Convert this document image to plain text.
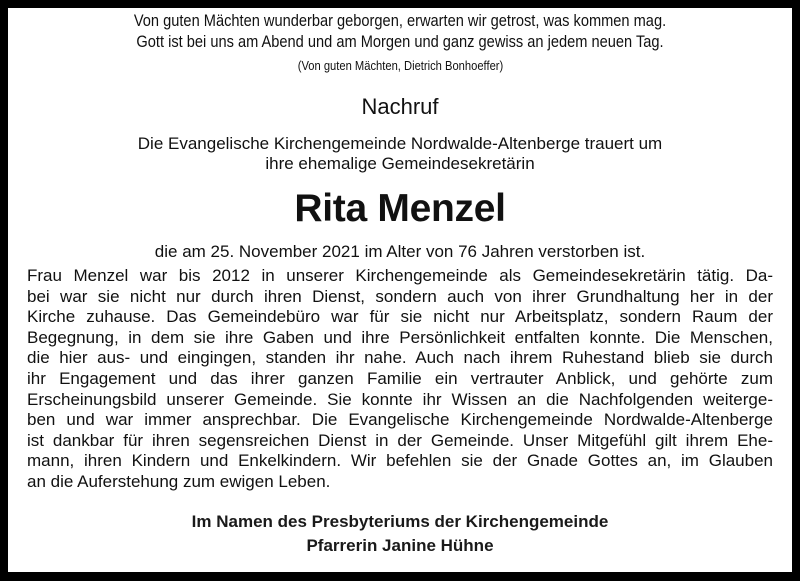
Von guten Mächten wunderbar geborgen, erwarten wir getrost, was kommen mag.
Gott ist bei uns am Abend und am Morgen und ganz gewiss an jedem neuen Tag.
(Von guten Mächten, Dietrich Bonhoeffer)
Nachruf
Die Evangelische Kirchengemeinde Nordwalde-Altenberge trauert um
ihre ehemalige Gemeindesekretärin
Rita Menzel
die am 25. November 2021 im Alter von 76 Jahren verstorben ist.
Frau Menzel war bis 2012 in unserer Kirchengemeinde als Gemeindesekretärin tätig. Da-
bei war sie nicht nur durch ihren Dienst, sondern auch von ihrer Grundhaltung her in der
Kirche zuhause. Das Gemeindebüro war für sie nicht nur Arbeitsplatz, sondern Raum der
Begegnung, in dem sie ihre Gaben und ihre Persönlichkeit entfalten konnte. Die Menschen,
die hier aus- und eingingen, standen ihr nahe. Auch nach ihrem Ruhestand blieb sie durch
ihr Engagement und das ihrer ganzen Familie ein vertrauter Anblick, und gehörte zum
Erscheinungsbild unserer Gemeinde. Sie konnte ihr Wissen an die Nachfolgenden weiterge-
ben und war immer ansprechbar. Die Evangelische Kirchengemeinde Nordwalde-Altenberge
ist dankbar für ihren segensreichen Dienst in der Gemeinde. Unser Mitgefühl gilt ihrem Ehe-
mann, ihren Kindern und Enkelkindern. Wir befehlen sie der Gnade Gottes an, im Glauben
an die Auferstehung zum ewigen Leben.
Im Namen des Presbyteriums der Kirchengemeinde
Pfarrerin Janine Hühne
